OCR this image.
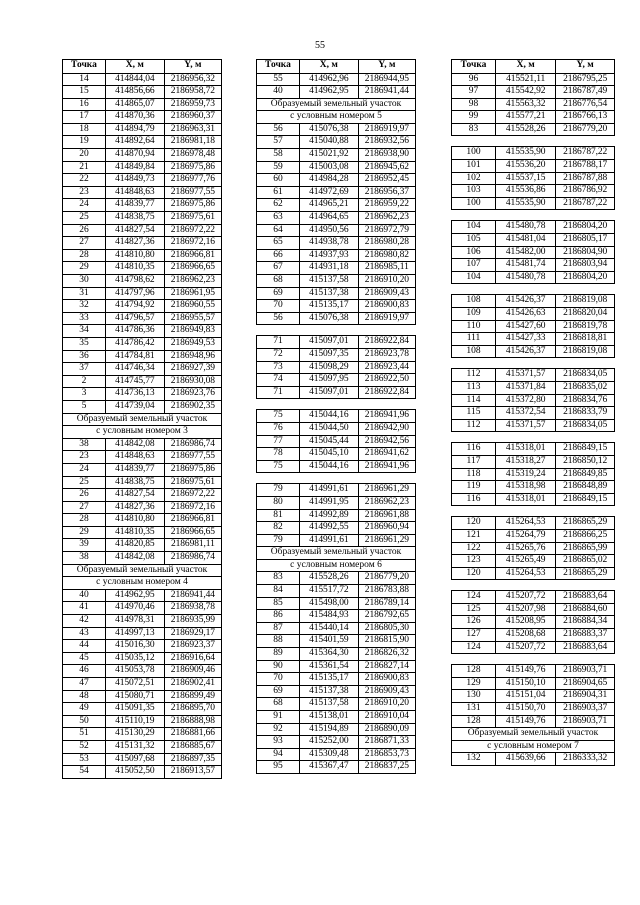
55
Точка	X, м	Y, м
14	414844,04	2186956,32
15	414856,66	2186958,72
16	414865,07	2186959,73
17	414870,36	2186960,37
18	414894,79	2186963,31
19	414892,64	2186981,18
20	414870,94	2186978,48
21	414849,84	2186975,86
22	414849,73	2186977,76
23	414848,63	2186977,55
24	414839,77	2186975,86
25	414838,75	2186975,61
26	414827,54	2186972,22
27	414827,36	2186972,16
28	414810,80	2186966,81
29	414810,35	2186966,65
30	414798,62	2186962,23
31	414797,96	2186961,95
32	414794,92	2186960,55
33	414796,57	2186955,57
34	414786,36	2186949,83
35	414786,42	2186949,53
36	414784,81	2186948,96
37	414746,34	2186927,39
2	414745,77	2186930,08
3	414736,13	2186923,76
5	414739,04	2186902,35
Образуемый земельный участок		
с условным номером 3		
38	414842,08	2186986,74
23	414848,63	2186977,55
24	414839,77	2186975,86
25	414838,75	2186975,61
26	414827,54	2186972,22
27	414827,36	2186972,16
28	414810,80	2186966,81
29	414810,35	2186966,65
39	414820,85	2186981,11
38	414842,08	2186986,74
Образуемый земельный участок		
с условным номером 4		
40	414962,95	2186941,44
41	414970,46	2186938,78
42	414978,31	2186935,99
43	414997,13	2186929,17
44	415016,30	2186923,37
45	415035,12	2186916,64
46	415053,78	2186909,46
47	415072,51	2186902,41
48	415080,71	2186899,49
49	415091,35	2186895,70
50	415110,19	2186888,98
51	415130,29	2186881,66
52	415131,32	2186885,67
53	415097,68	2186897,35
54	415052,50	2186913,57
Точка	X, м	Y, м
55	414962,96	2186944,95
40	414962,95	2186941,44
Образуемый земельный участок		
с условным номером 5		
56	415076,38	2186919,97
57	415040,88	2186932,56
58	415021,92	2186938,90
59	415003,08	2186945,62
60	414984,28	2186952,45
61	414972,69	2186956,37
62	414965,21	2186959,22
63	414964,65	2186962,23
64	414950,56	2186972,79
65	414938,78	2186980,28
66	414937,93	2186980,82
67	414931,18	2186985,11
68	415137,58	2186910,20
69	415137,38	2186909,43
70	415135,17	2186900,83
56	415076,38	2186919,97

71	415097,01	2186922,84
72	415097,35	2186923,78
73	415098,29	2186923,44
74	415097,95	2186922,50
71	415097,01	2186922,84

75	415044,16	2186941,96
76	415044,50	2186942,90
77	415045,44	2186942,56
78	415045,10	2186941,62
75	415044,16	2186941,96

79	414991,61	2186961,29
80	414991,95	2186962,23
81	414992,89	2186961,88
82	414992,55	2186960,94
79	414991,61	2186961,29
Образуемый земельный участок		
с условным номером 6		
83	415528,26	2186779,20
84	415517,72	2186783,88
85	415498,00	2186789,14
86	415484,93	2186792,65
87	415440,14	2186805,30
88	415401,59	2186815,90
89	415364,30	2186826,32
90	415361,54	2186827,14
70	415135,17	2186900,83
69	415137,38	2186909,43
68	415137,58	2186910,20
91	415138,01	2186910,04
92	415194,89	2186890,09
93	415252,00	2186871,33
94	415309,48	2186853,73
95	415367,47	2186837,25
Точка	X, м	Y, м
96	415521,11	2186795,25
97	415542,92	2186787,49
98	415563,32	2186776,54
99	415577,21	2186766,13
83	415528,26	2186779,20

100	415535,90	2186787,22
101	415536,20	2186788,17
102	415537,15	2186787,88
103	415536,86	2186786,92
100	415535,90	2186787,22

104	415480,78	2186804,20
105	415481,04	2186805,17
106	415482,00	2186804,90
107	415481,74	2186803,94
104	415480,78	2186804,20

108	415426,37	2186819,08
109	415426,63	2186820,04
110	415427,60	2186819,78
111	415427,33	2186818,81
108	415426,37	2186819,08

112	415371,57	2186834,05
113	415371,84	2186835,02
114	415372,80	2186834,76
115	415372,54	2186833,79
112	415371,57	2186834,05

116	415318,01	2186849,15
117	415318,27	2186850,12
118	415319,24	2186849,85
119	415318,98	2186848,89
116	415318,01	2186849,15

120	415264,53	2186865,29
121	415264,79	2186866,25
122	415265,76	2186865,99
123	415265,49	2186865,02
120	415264,53	2186865,29

124	415207,72	2186883,64
125	415207,98	2186884,60
126	415208,95	2186884,34
127	415208,68	2186883,37
124	415207,72	2186883,64

128	415149,76	2186903,71
129	415150,10	2186904,65
130	415151,04	2186904,31
131	415150,70	2186903,37
128	415149,76	2186903,71
Образуемый земельный участок		
с условным номером 7		
132	415639,66	2186333,32
